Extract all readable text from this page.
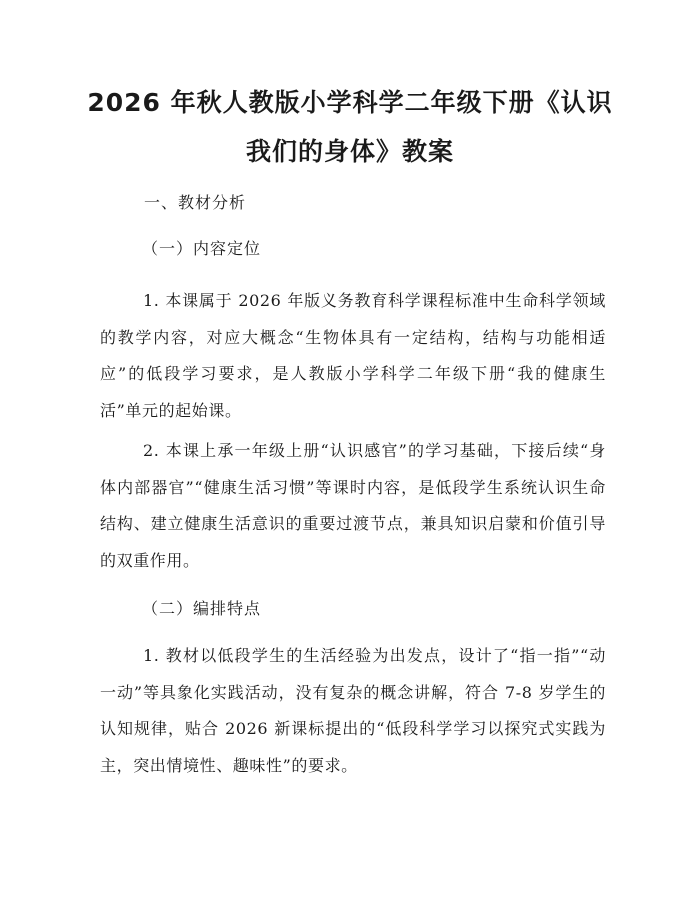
2026 年秋人教版小学科学二年级下册《认识
我们的身体》教案
一、教材分析
（一）内容定位
1. 本课属于 2026 年版义务教育科学课程标准中生命科学领域的教学内容，对应大概念“生物体具有一定结构，结构与功能相适应”的低段学习要求，是人教版小学科学二年级下册“我的健康生活”单元的起始课。
2. 本课上承一年级上册“认识感官”的学习基础，下接后续“身体内部器官”“健康生活习惯”等课时内容，是低段学生系统认识生命结构、建立健康生活意识的重要过渡节点，兼具知识启蒙和价值引导的双重作用。
（二）编排特点
1. 教材以低段学生的生活经验为出发点，设计了“指一指”“动一动”等具象化实践活动，没有复杂的概念讲解，符合 7-8 岁学生的认知规律，贴合 2026 新课标提出的“低段科学学习以探究式实践为主，突出情境性、趣味性”的要求。
